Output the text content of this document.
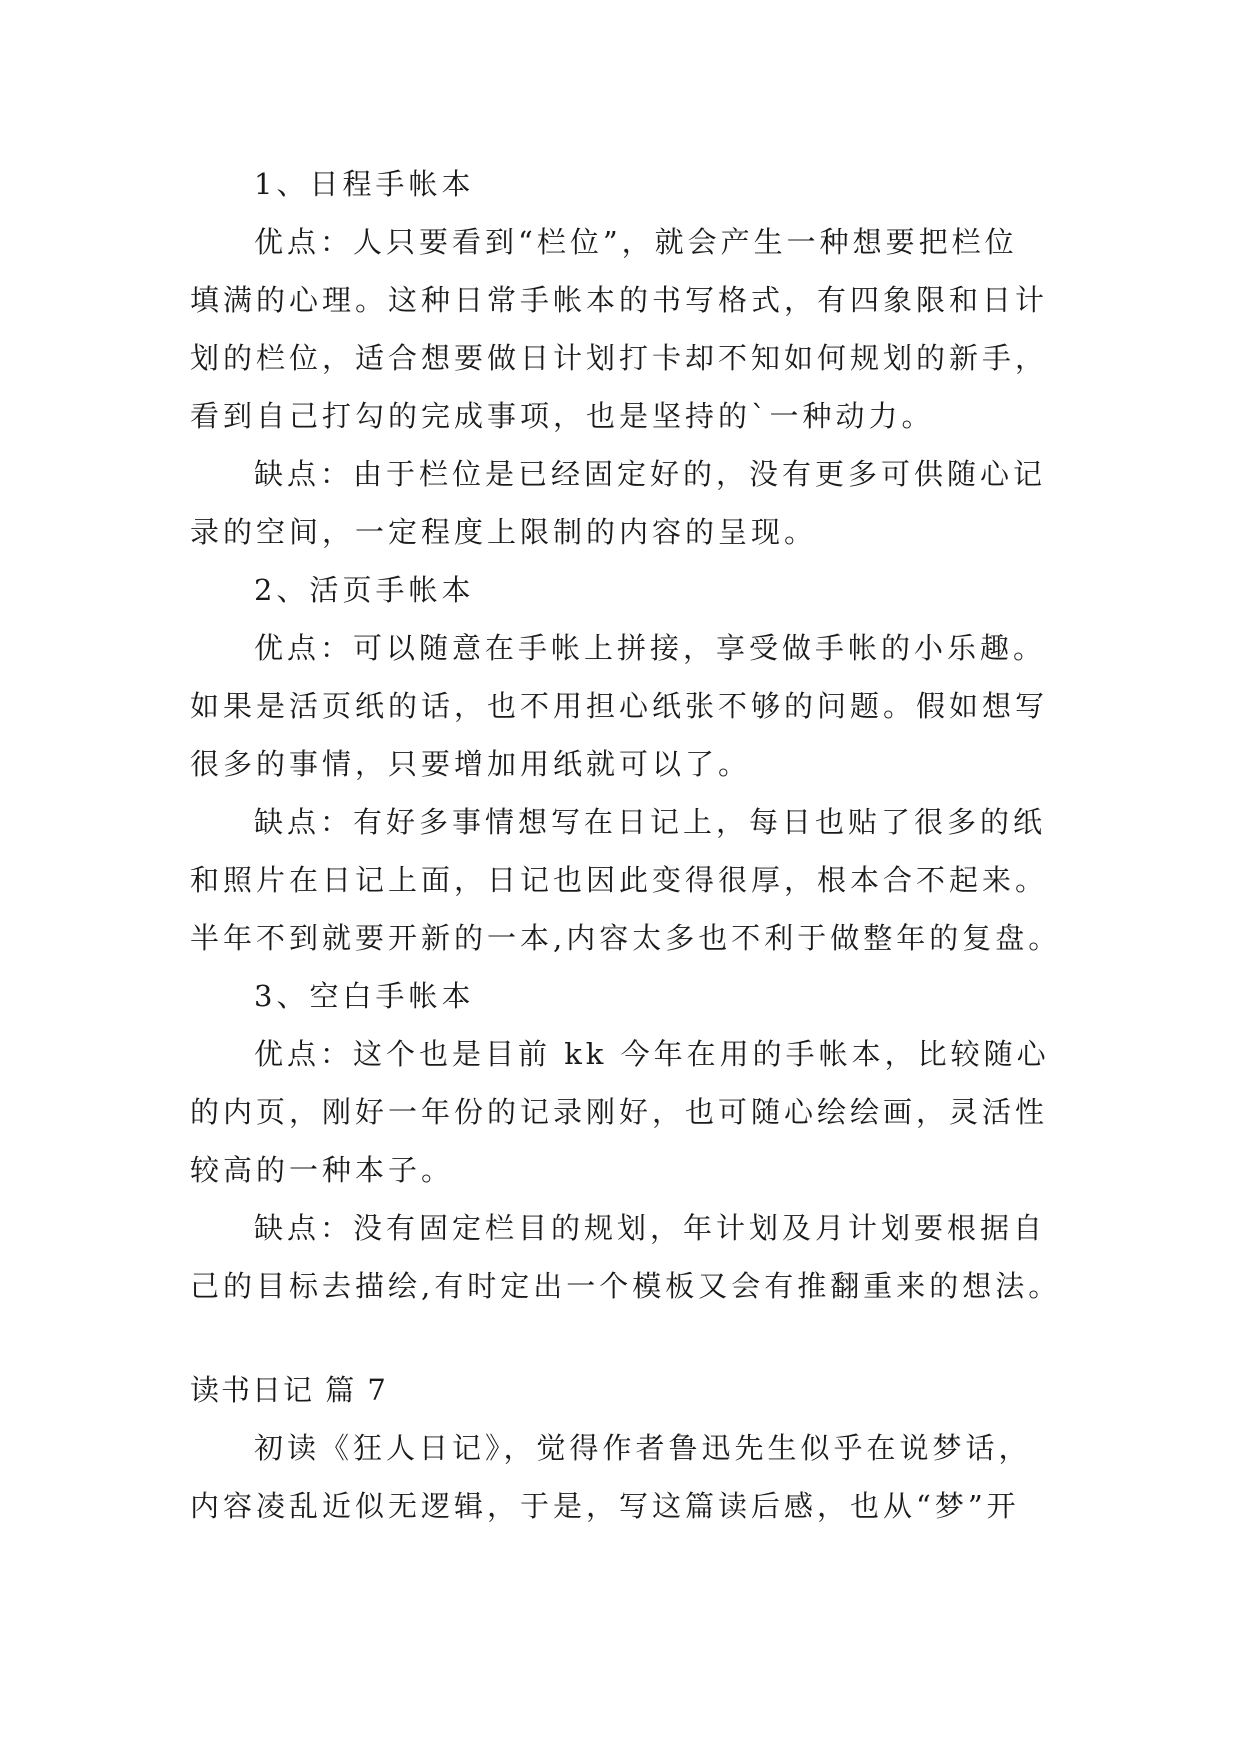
1、日程手帐本
优点：人只要看到“栏位”，就会产生一种想要把栏位
填满的心理。这种日常手帐本的书写格式，有四象限和日计
划的栏位，适合想要做日计划打卡却不知如何规划的新手，
看到自己打勾的完成事项，也是坚持的`一种动力。
缺点：由于栏位是已经固定好的，没有更多可供随心记
录的空间，一定程度上限制的内容的呈现。
2、活页手帐本
优点：可以随意在手帐上拼接，享受做手帐的小乐趣。
如果是活页纸的话，也不用担心纸张不够的问题。假如想写
很多的事情，只要增加用纸就可以了。
缺点：有好多事情想写在日记上，每日也贴了很多的纸
和照片在日记上面，日记也因此变得很厚，根本合不起来。
半年不到就要开新的一本,内容太多也不利于做整年的复盘。
3、空白手帐本
优点：这个也是目前 kk 今年在用的手帐本，比较随心
的内页，刚好一年份的记录刚好，也可随心绘绘画，灵活性
较高的一种本子。
缺点：没有固定栏目的规划，年计划及月计划要根据自
己的目标去描绘,有时定出一个模板又会有推翻重来的想法。
读书日记 篇 7
初读《狂人日记》，觉得作者鲁迅先生似乎在说梦话，
内容凌乱近似无逻辑，于是，写这篇读后感，也从“梦”开
